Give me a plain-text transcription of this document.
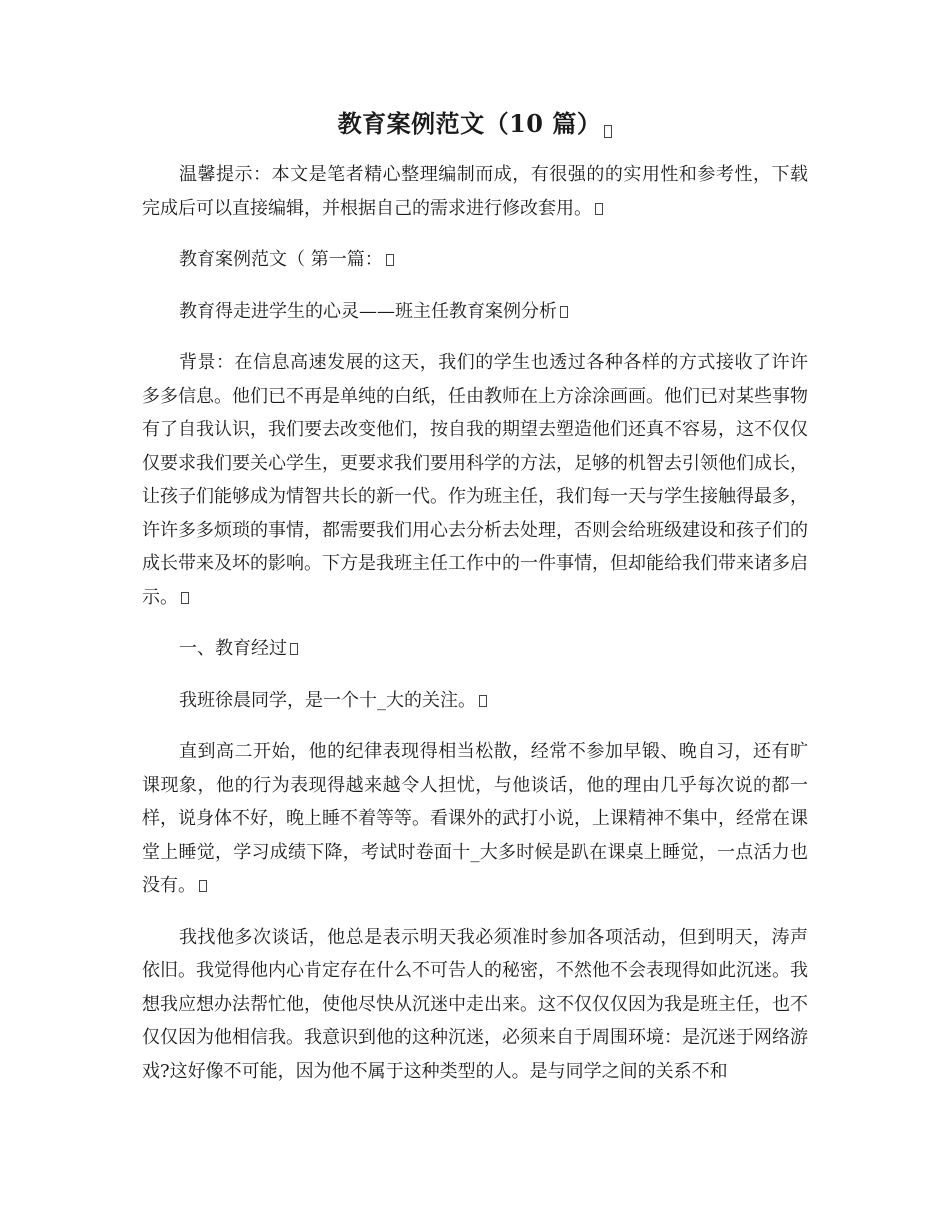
教育案例范文（10 篇）

温馨提示：本文是笔者精心整理编制而成，有很强的的实用性和参考性，下载完成后可以直接编辑，并根据自己的需求进行修改套用。

教育案例范文（ 第一篇：

教育得走进学生的心灵——班主任教育案例分析

背景：在信息高速发展的这天，我们的学生也透过各种各样的方式接收了许许多多信息。他们已不再是单纯的白纸，任由教师在上方涂涂画画。他们已对某些事物有了自我认识，我们要去改变他们，按自我的期望去塑造他们还真不容易，这不仅仅仅要求我们要关心学生，更要求我们要用科学的方法，足够的机智去引领他们成长，让孩子们能够成为情智共长的新一代。作为班主任，我们每一天与学生接触得最多，许许多多烦琐的事情，都需要我们用心去分析去处理，否则会给班级建设和孩子们的成长带来及坏的影响。下方是我班主任工作中的一件事情，但却能给我们带来诸多启示。

一、教育经过

我班徐晨同学，是一个十_大的关注。

直到高二开始，他的纪律表现得相当松散，经常不参加早锻、晚自习，还有旷课现象，他的行为表现得越来越令人担忧，与他谈话，他的理由几乎每次说的都一样，说身体不好，晚上睡不着等等。看课外的武打小说，上课精神不集中，经常在课堂上睡觉，学习成绩下降，考试时卷面十_大多时候是趴在课桌上睡觉，一点活力也没有。

我找他多次谈话，他总是表示明天我必须准时参加各项活动，但到明天，涛声依旧。我觉得他内心肯定存在什么不可告人的秘密，不然他不会表现得如此沉迷。我想我应想办法帮忙他，使他尽快从沉迷中走出来。这不仅仅仅因为我是班主任，也不仅仅因为他相信我。我意识到他的这种沉迷，必须来自于周围环境：是沉迷于网络游戏?这好像不可能，因为他不属于这种类型的人。是与同学之间的关系不和
